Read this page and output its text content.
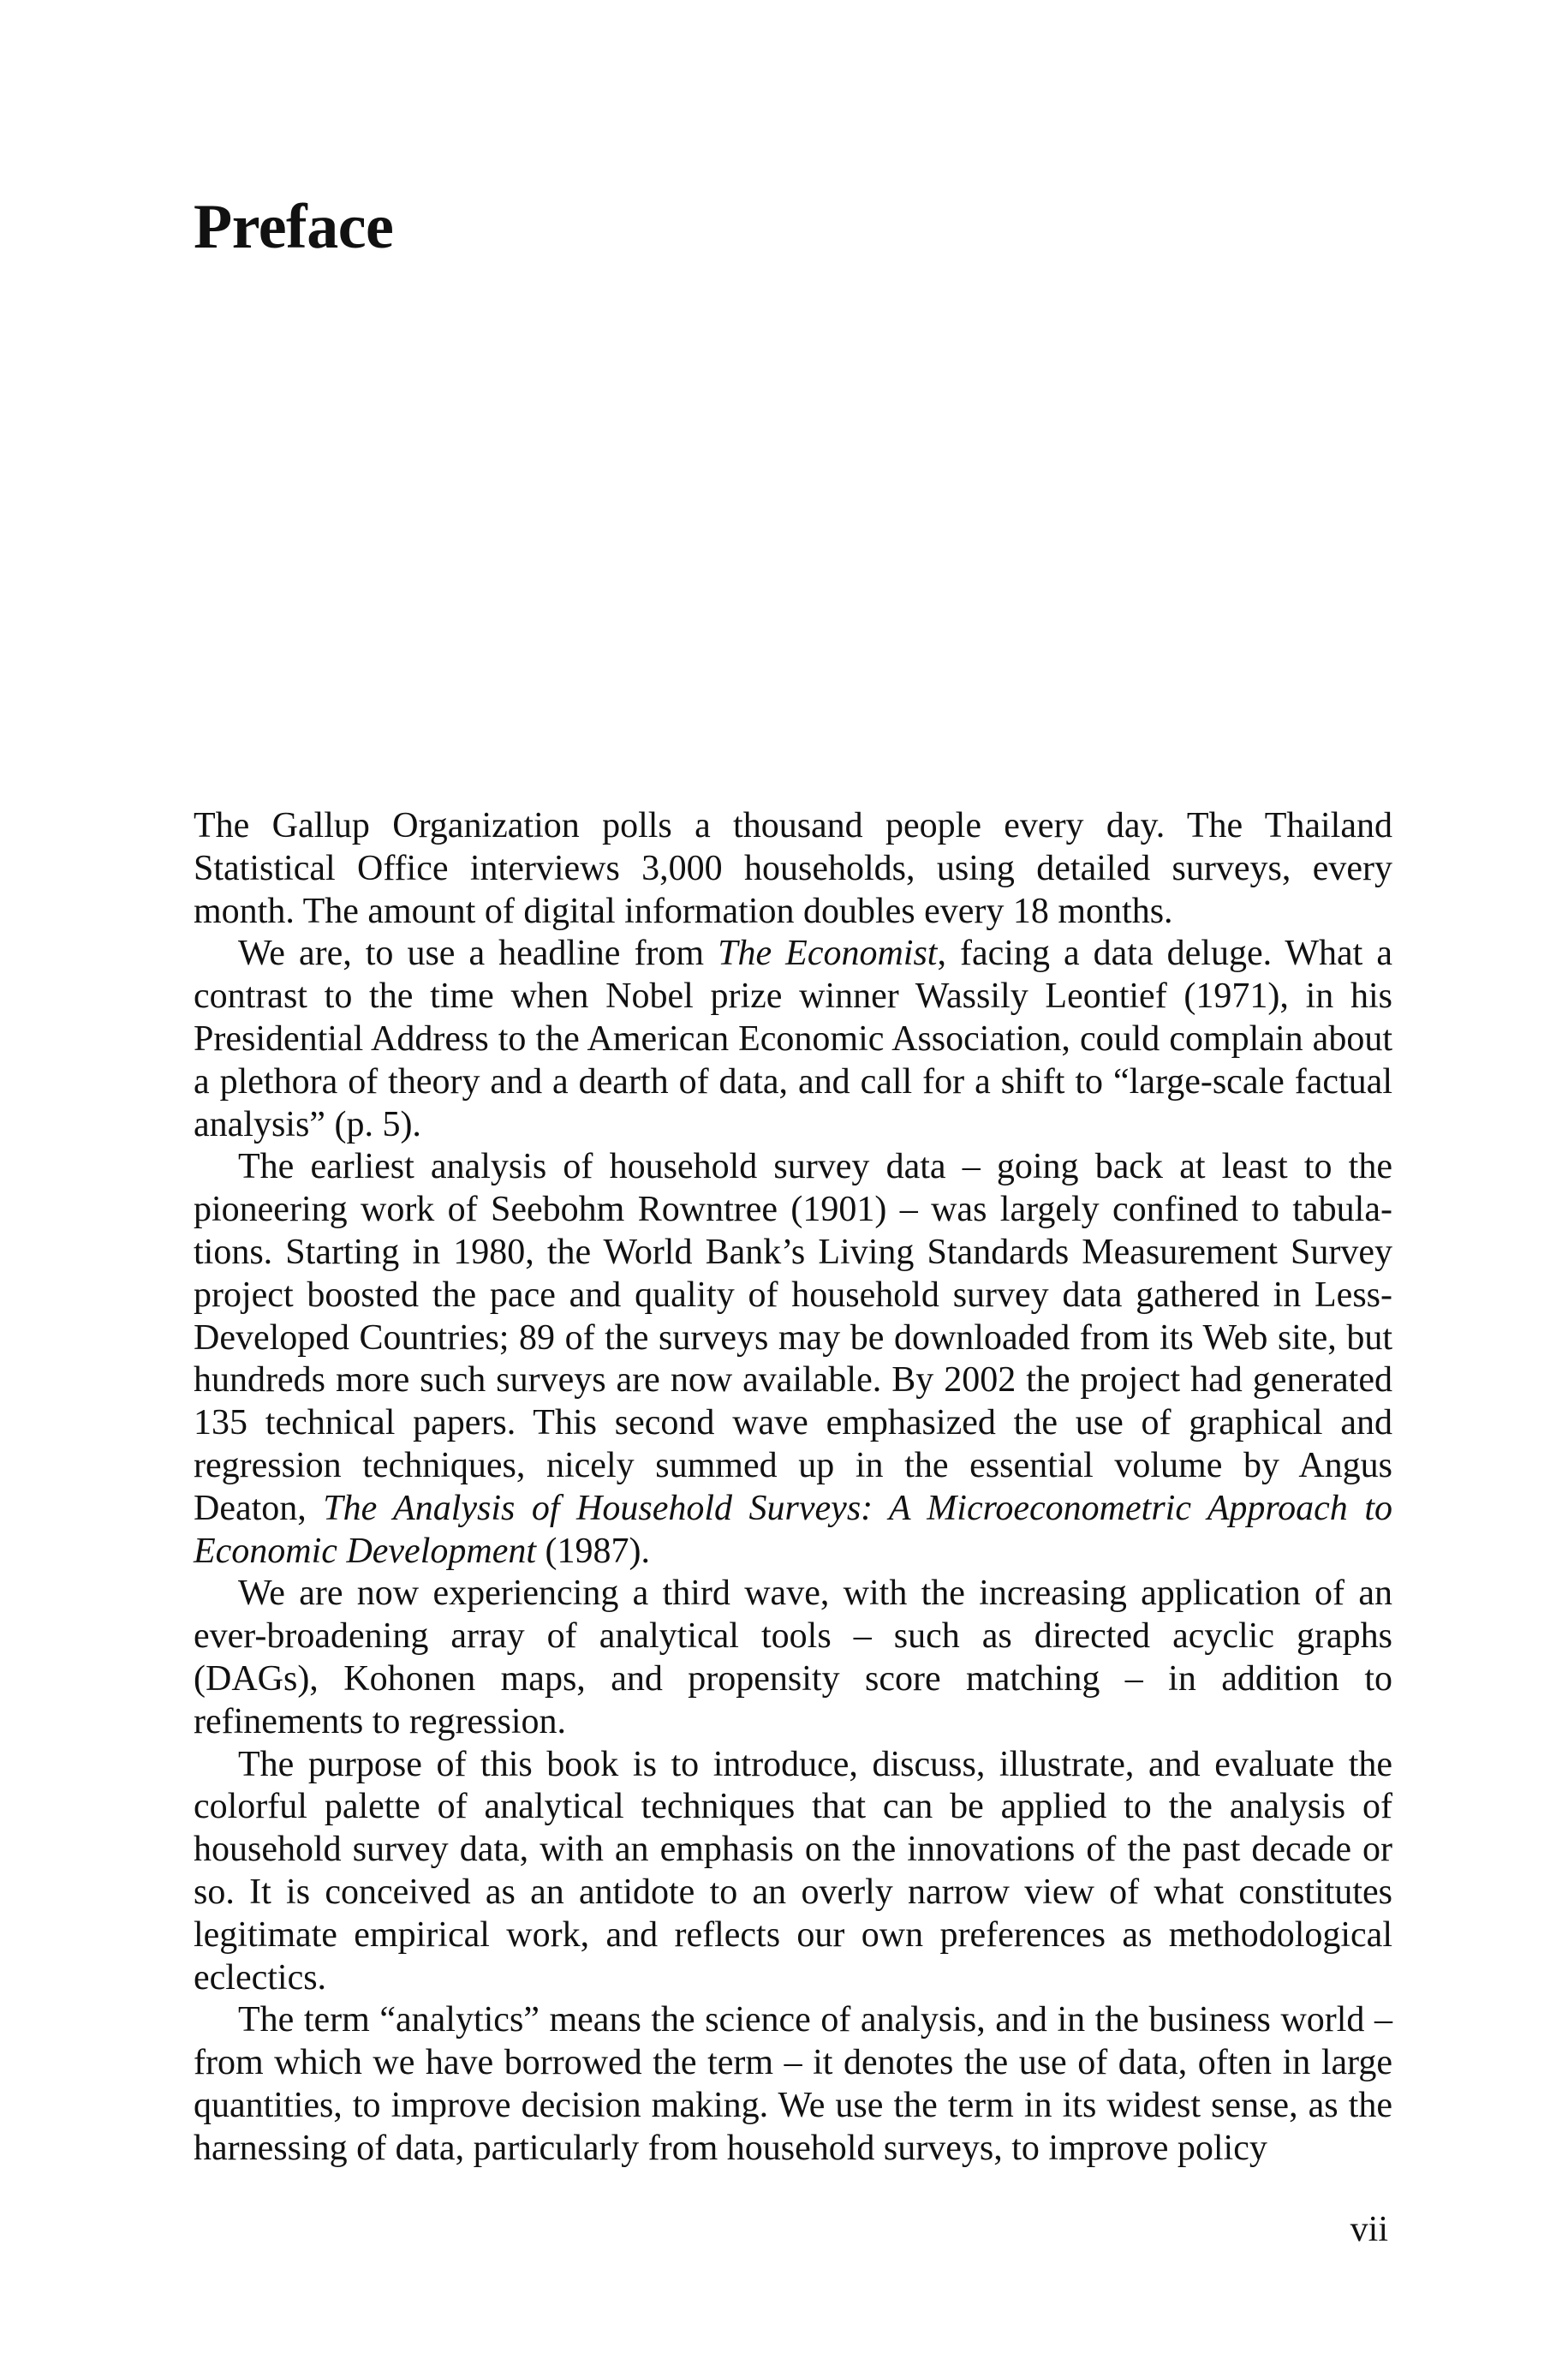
Preface

The Gallup Organization polls a thousand people every day. The Thailand Statistical Office interviews 3,000 households, using detailed surveys, every month. The amount of digital information doubles every 18 months.

We are, to use a headline from The Economist, facing a data deluge. What a contrast to the time when Nobel prize winner Wassily Leontief (1971), in his Presidential Address to the American Economic Association, could complain about a plethora of theory and a dearth of data, and call for a shift to “large-scale factual analysis” (p. 5).

The earliest analysis of household survey data – going back at least to the pioneering work of Seebohm Rowntree (1901) – was largely confined to tabulations. Starting in 1980, the World Bank’s Living Standards Measurement Survey project boosted the pace and quality of household survey data gathered in Less-Developed Countries; 89 of the surveys may be downloaded from its Web site, but hundreds more such surveys are now available. By 2002 the project had generated 135 technical papers. This second wave emphasized the use of graphical and regression techniques, nicely summed up in the essential volume by Angus Deaton, The Analysis of Household Surveys: A Microeconometric Approach to Economic Development (1987).

We are now experiencing a third wave, with the increasing application of an ever-broadening array of analytical tools – such as directed acyclic graphs (DAGs), Kohonen maps, and propensity score matching – in addition to refinements to regression.

The purpose of this book is to introduce, discuss, illustrate, and evaluate the colorful palette of analytical techniques that can be applied to the analysis of household survey data, with an emphasis on the innovations of the past decade or so. It is conceived as an antidote to an overly narrow view of what constitutes legitimate empirical work, and reflects our own preferences as methodological eclectics.

The term “analytics” means the science of analysis, and in the business world – from which we have borrowed the term – it denotes the use of data, often in large quantities, to improve decision making. We use the term in its widest sense, as the harnessing of data, particularly from household surveys, to improve policy

vii
